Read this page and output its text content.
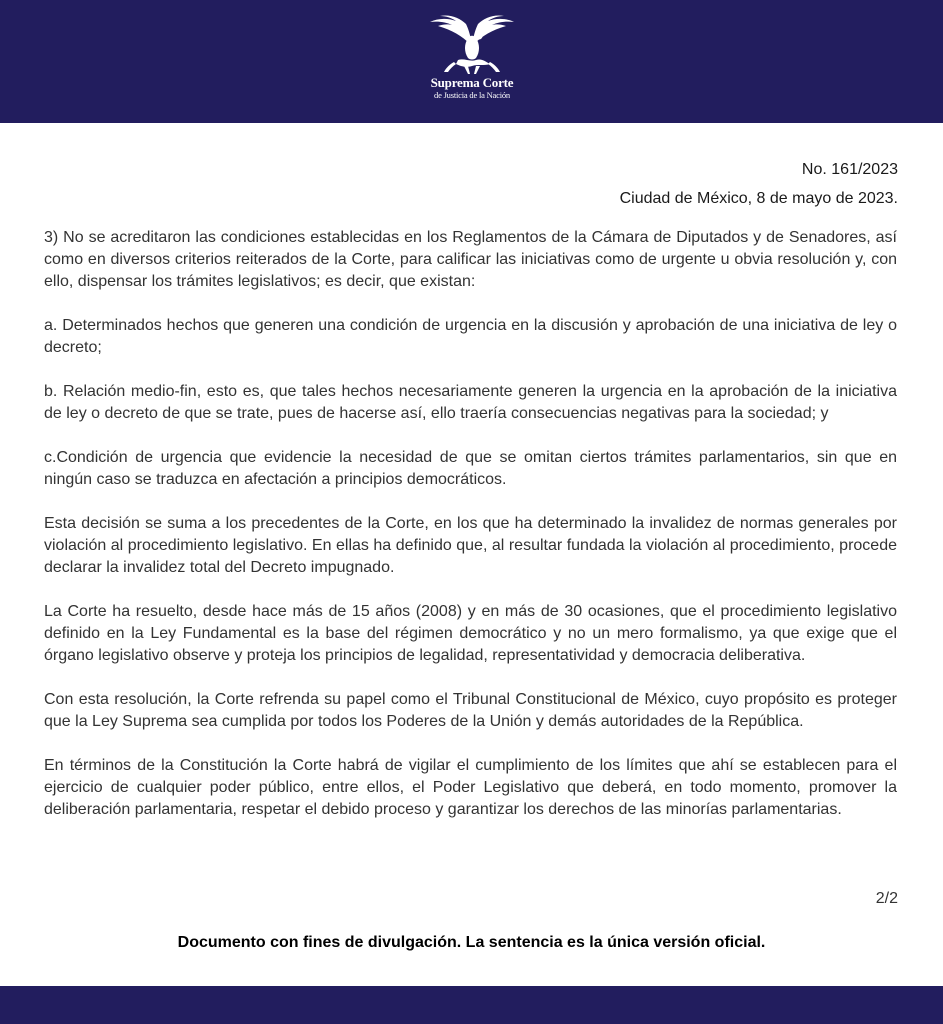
Suprema Corte
de Justicia de la Nación
No. 161/2023
Ciudad de México, 8 de mayo de 2023.

3) No se acreditaron las condiciones establecidas en los Reglamentos de la Cámara de Diputados y de Senadores, así como en diversos criterios reiterados de la Corte, para calificar las iniciativas como de urgente u obvia resolución y, con ello, dispensar los trámites legislativos; es decir, que existan:

a. Determinados hechos que generen una condición de urgencia en la discusión y aprobación de una iniciativa de ley o decreto;

b. Relación medio-fin, esto es, que tales hechos necesariamente generen la urgencia en la aprobación de la iniciativa de ley o decreto de que se trate, pues de hacerse así, ello traería consecuencias negativas para la sociedad; y

c.Condición de urgencia que evidencie la necesidad de que se omitan ciertos trámites parlamentarios, sin que en ningún caso se traduzca en afectación a principios democráticos.

Esta decisión se suma a los precedentes de la Corte, en los que ha determinado la invalidez de normas generales por violación al procedimiento legislativo. En ellas ha definido que, al resultar fundada la violación al procedimiento, procede declarar la invalidez total del Decreto impugnado.

La Corte ha resuelto, desde hace más de 15 años (2008) y en más de 30 ocasiones, que el procedimiento legislativo definido en la Ley Fundamental es la base del régimen democrático y no un mero formalismo, ya que exige que el órgano legislativo observe y proteja los principios de legalidad, representatividad y democracia deliberativa.

Con esta resolución, la Corte refrenda su papel como el Tribunal Constitucional de México, cuyo propósito es proteger que la Ley Suprema sea cumplida por todos los Poderes de la Unión y demás autoridades de la República.

En términos de la Constitución la Corte habrá de vigilar el cumplimiento de los límites que ahí se establecen para el ejercicio de cualquier poder público, entre ellos, el Poder Legislativo que deberá, en todo momento, promover la deliberación parlamentaria, respetar el debido proceso y garantizar los derechos de las minorías parlamentarias.

2/2
Documento con fines de divulgación. La sentencia es la única versión oficial.
